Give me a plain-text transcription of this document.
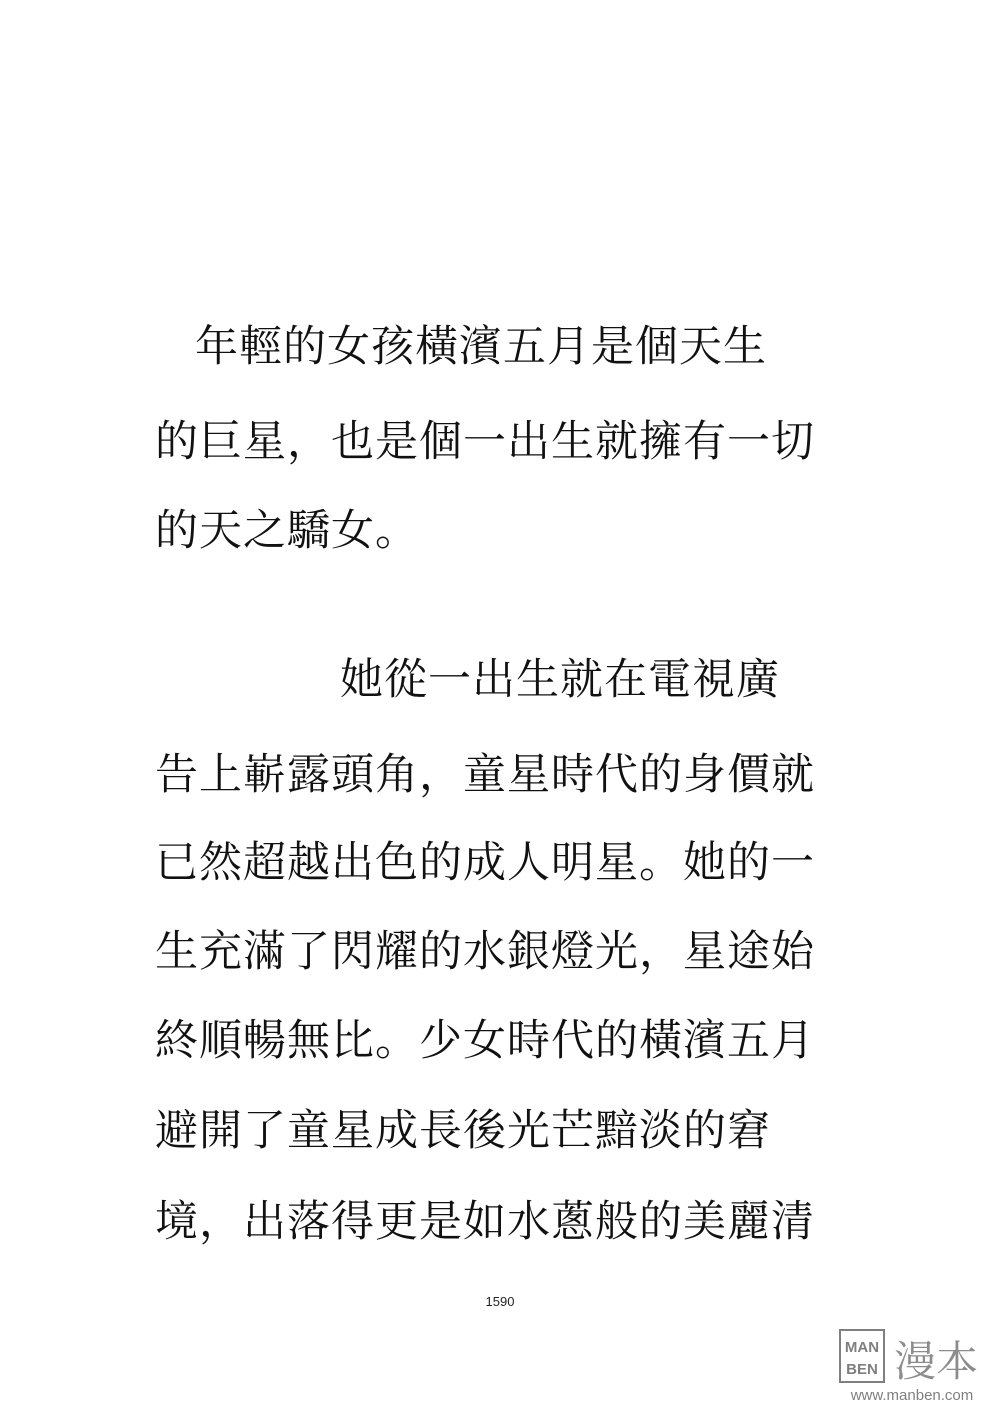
年輕的女孩橫濱五月是個天生
的巨星，也是個一出生就擁有一切
的天之驕女。
她從一出生就在電視廣
告上嶄露頭角，童星時代的身價就
已然超越出色的成人明星。她的一
生充滿了閃耀的水銀燈光，星途始
終順暢無比。少女時代的橫濱五月
避開了童星成長後光芒黯淡的窘
境，出落得更是如水蔥般的美麗清
1590
MAN
BEN 漫本
www.manben.com
